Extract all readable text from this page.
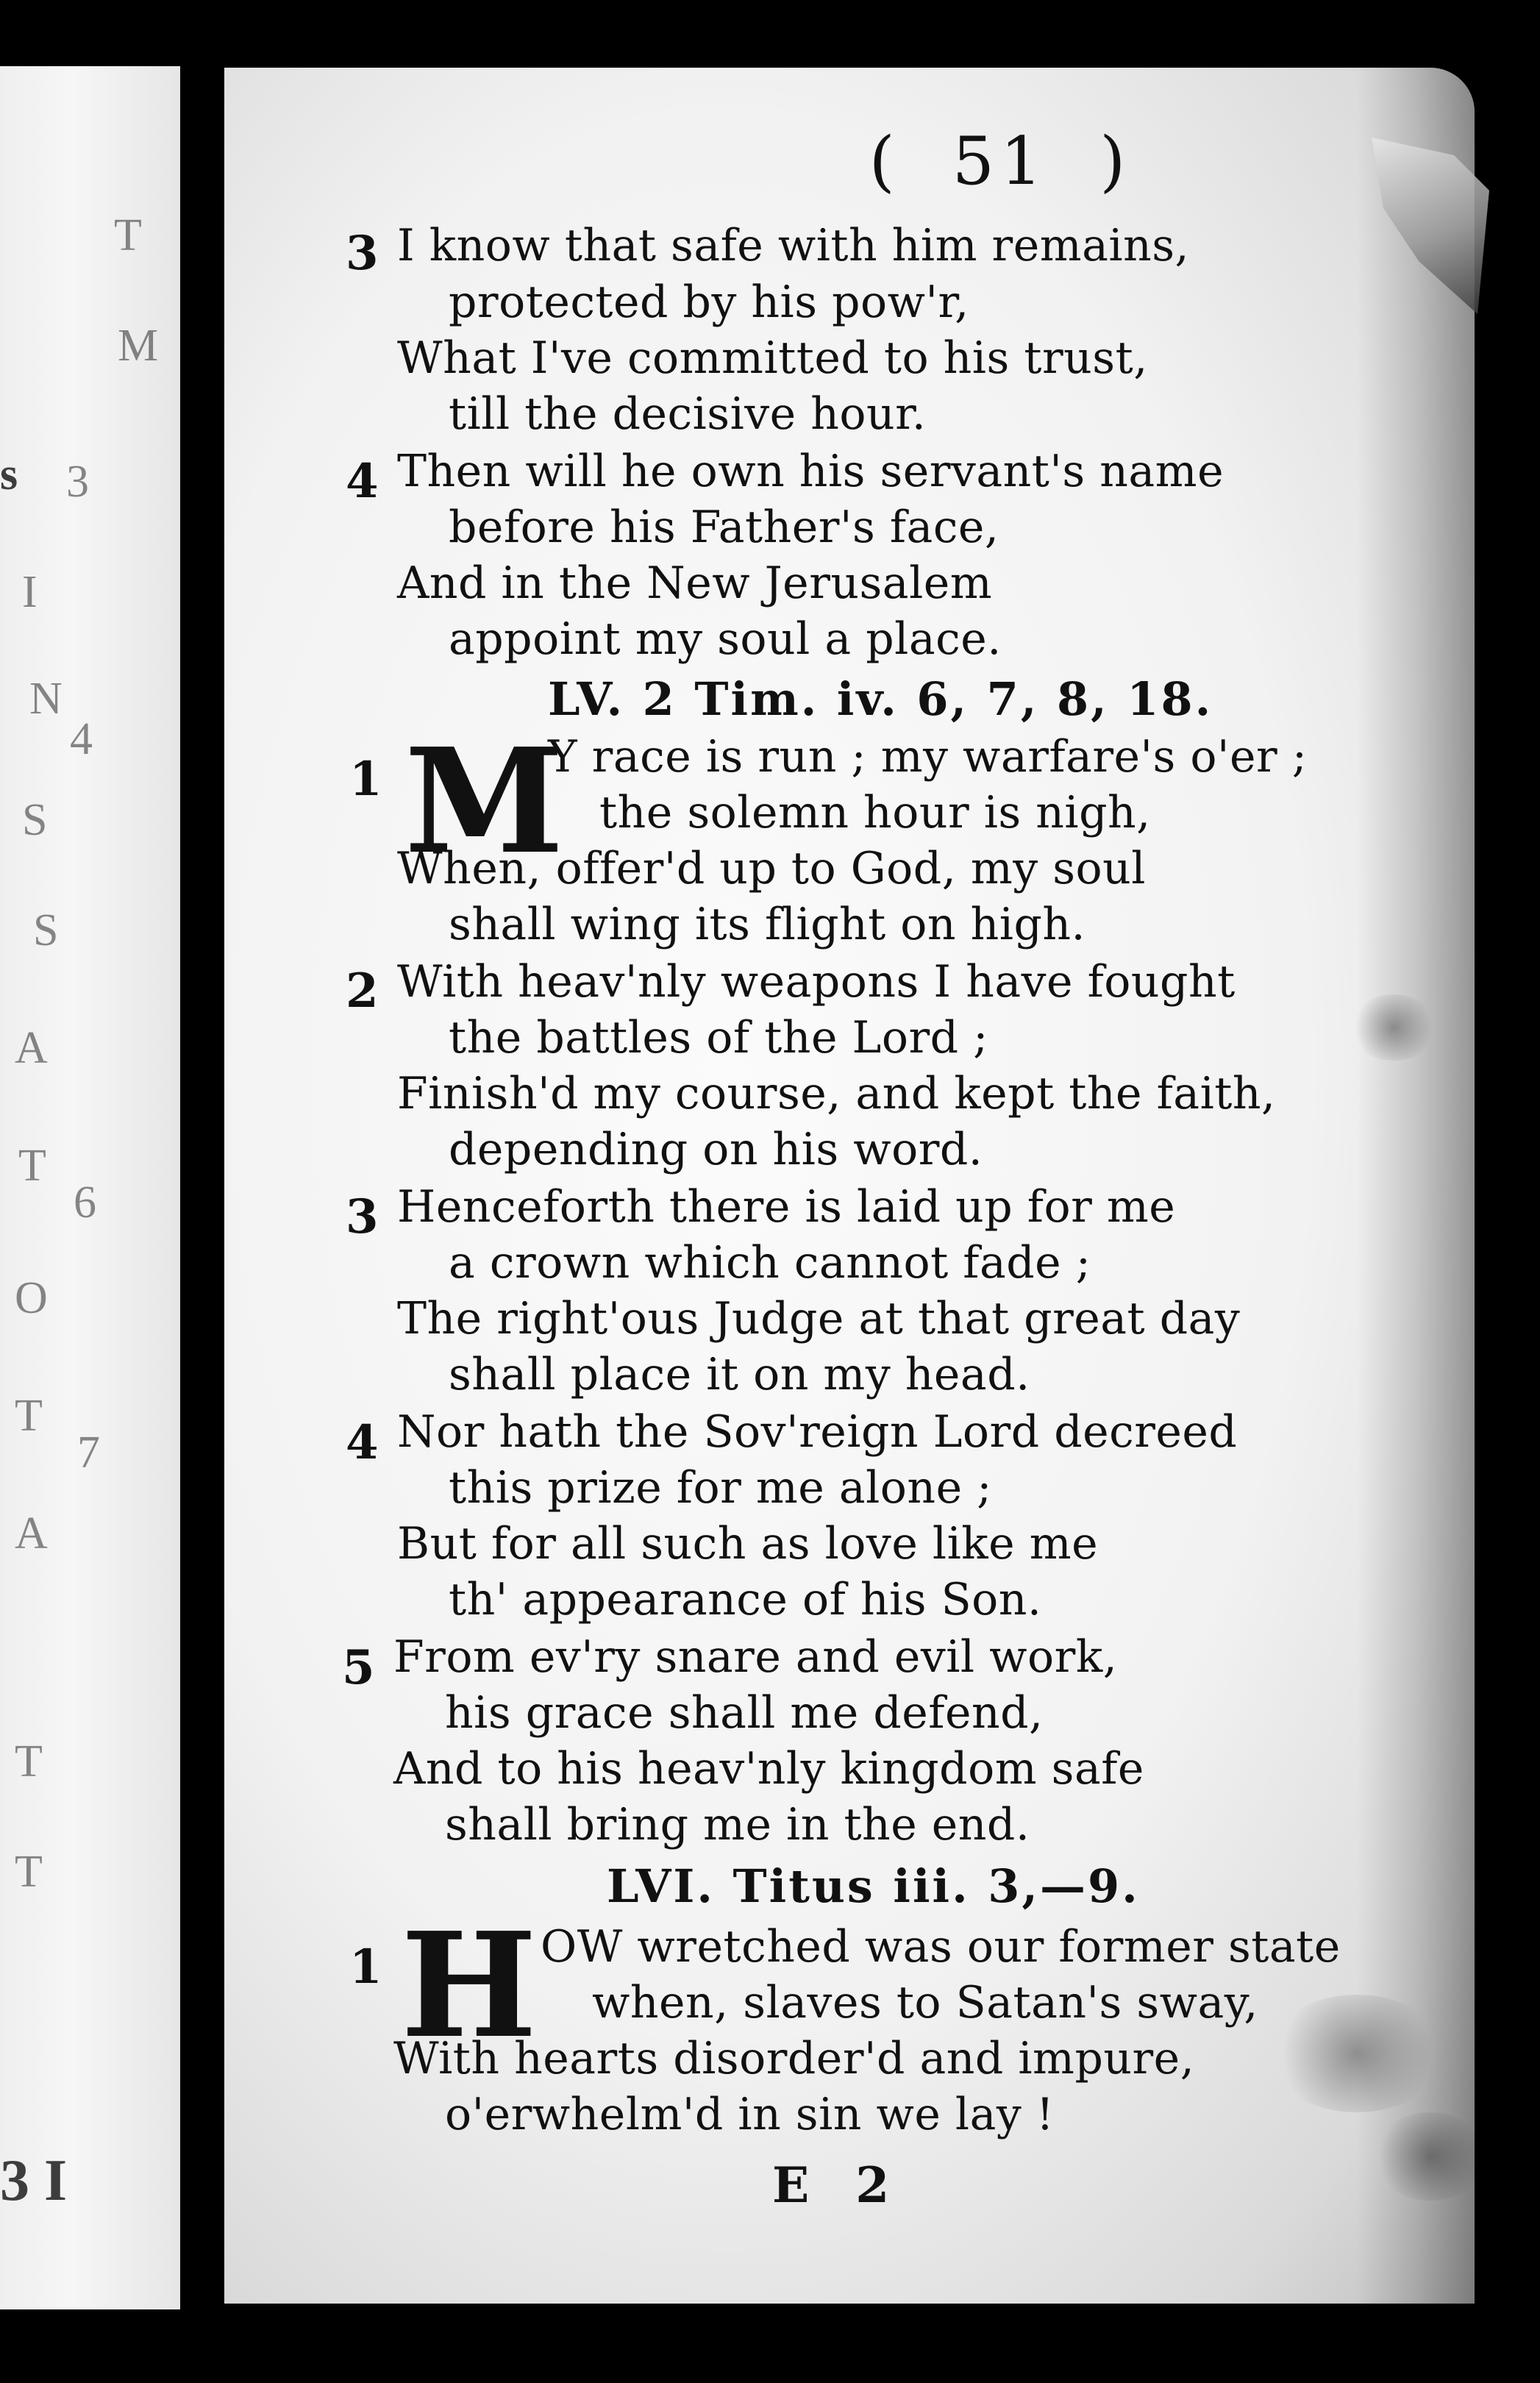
T
M
s 3
I
N
4
S
S
A
T
6
O
T
7
A
T
T
3 I
( 51 )
3 I know that safe with him remains,
protected by his pow'r,
What I've committed to his trust,
till the decisive hour.
4 Then will he own his servant's name
before his Father's face,
And in the New Jerusalem
appoint my soul a place.
LV. 2 Tim. iv. 6, 7, 8, 18.
1 M
Y race is run ; my warfare's o'er ;
the solemn hour is nigh,
When, offer'd up to God, my soul
shall wing its flight on high.
2 With heav'nly weapons I have fought
the battles of the Lord ;
Finish'd my course, and kept the faith,
depending on his word.
3 Henceforth there is laid up for me
a crown which cannot fade ;
The right'ous Judge at that great day
shall place it on my head.
4 Nor hath the Sov'reign Lord decreed
this prize for me alone ;
But for all such as love like me
th' appearance of his Son.
5 From ev'ry snare and evil work,
his grace shall me defend,
And to his heav'nly kingdom safe
shall bring me in the end.
LVI. Titus iii. 3,—9.
1 H OW wretched was our former state
when, slaves to Satan's sway,
With hearts disorder'd and impure,
o'erwhelm'd in sin we lay !
E 2
